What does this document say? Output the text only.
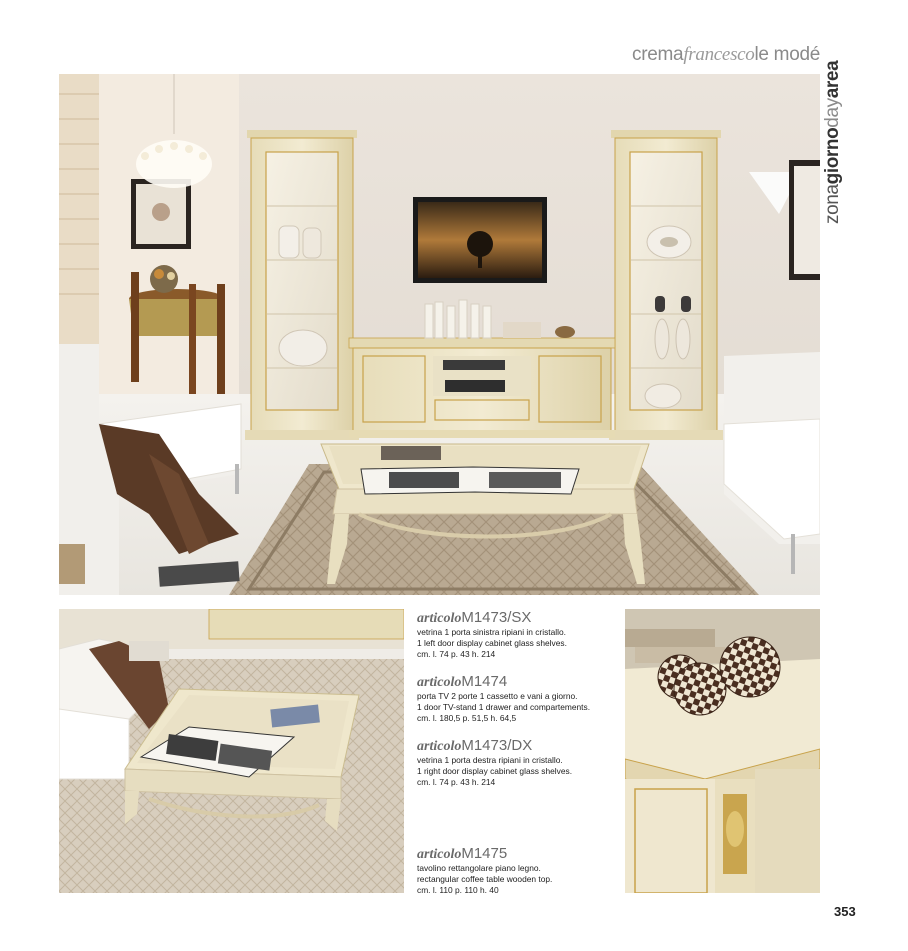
cremafrancescole modé
zonagiornodayarea
articoloM1473/SX
vetrina 1 porta sinistra ripiani in cristallo.
1 left door display cabinet glass shelves.
cm. l. 74 p. 43 h. 214
articoloM1474
porta TV 2 porte 1 cassetto e vani a giorno.
1 door TV-stand 1 drawer and compartements.
cm. l. 180,5 p. 51,5 h. 64,5
articoloM1473/DX
vetrina 1 porta destra ripiani in cristallo.
1 right door display cabinet glass shelves.
cm. l. 74 p. 43 h. 214
articoloM1475
tavolino rettangolare piano legno.
rectangular coffee table wooden top.
cm. l. 110 p. 110 h. 40
353
